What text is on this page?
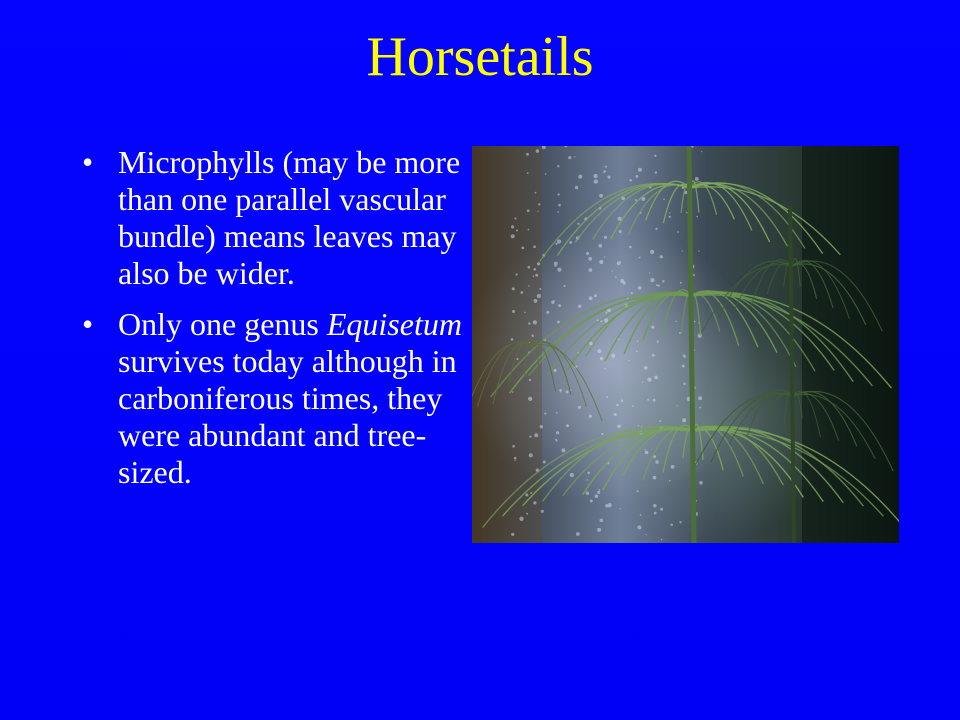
Horsetails
• Microphylls (may be more than one parallel vascular bundle) means leaves may also be wider.
• Only one genus Equisetum survives today although in carboniferous times, they were abundant and tree-sized.
